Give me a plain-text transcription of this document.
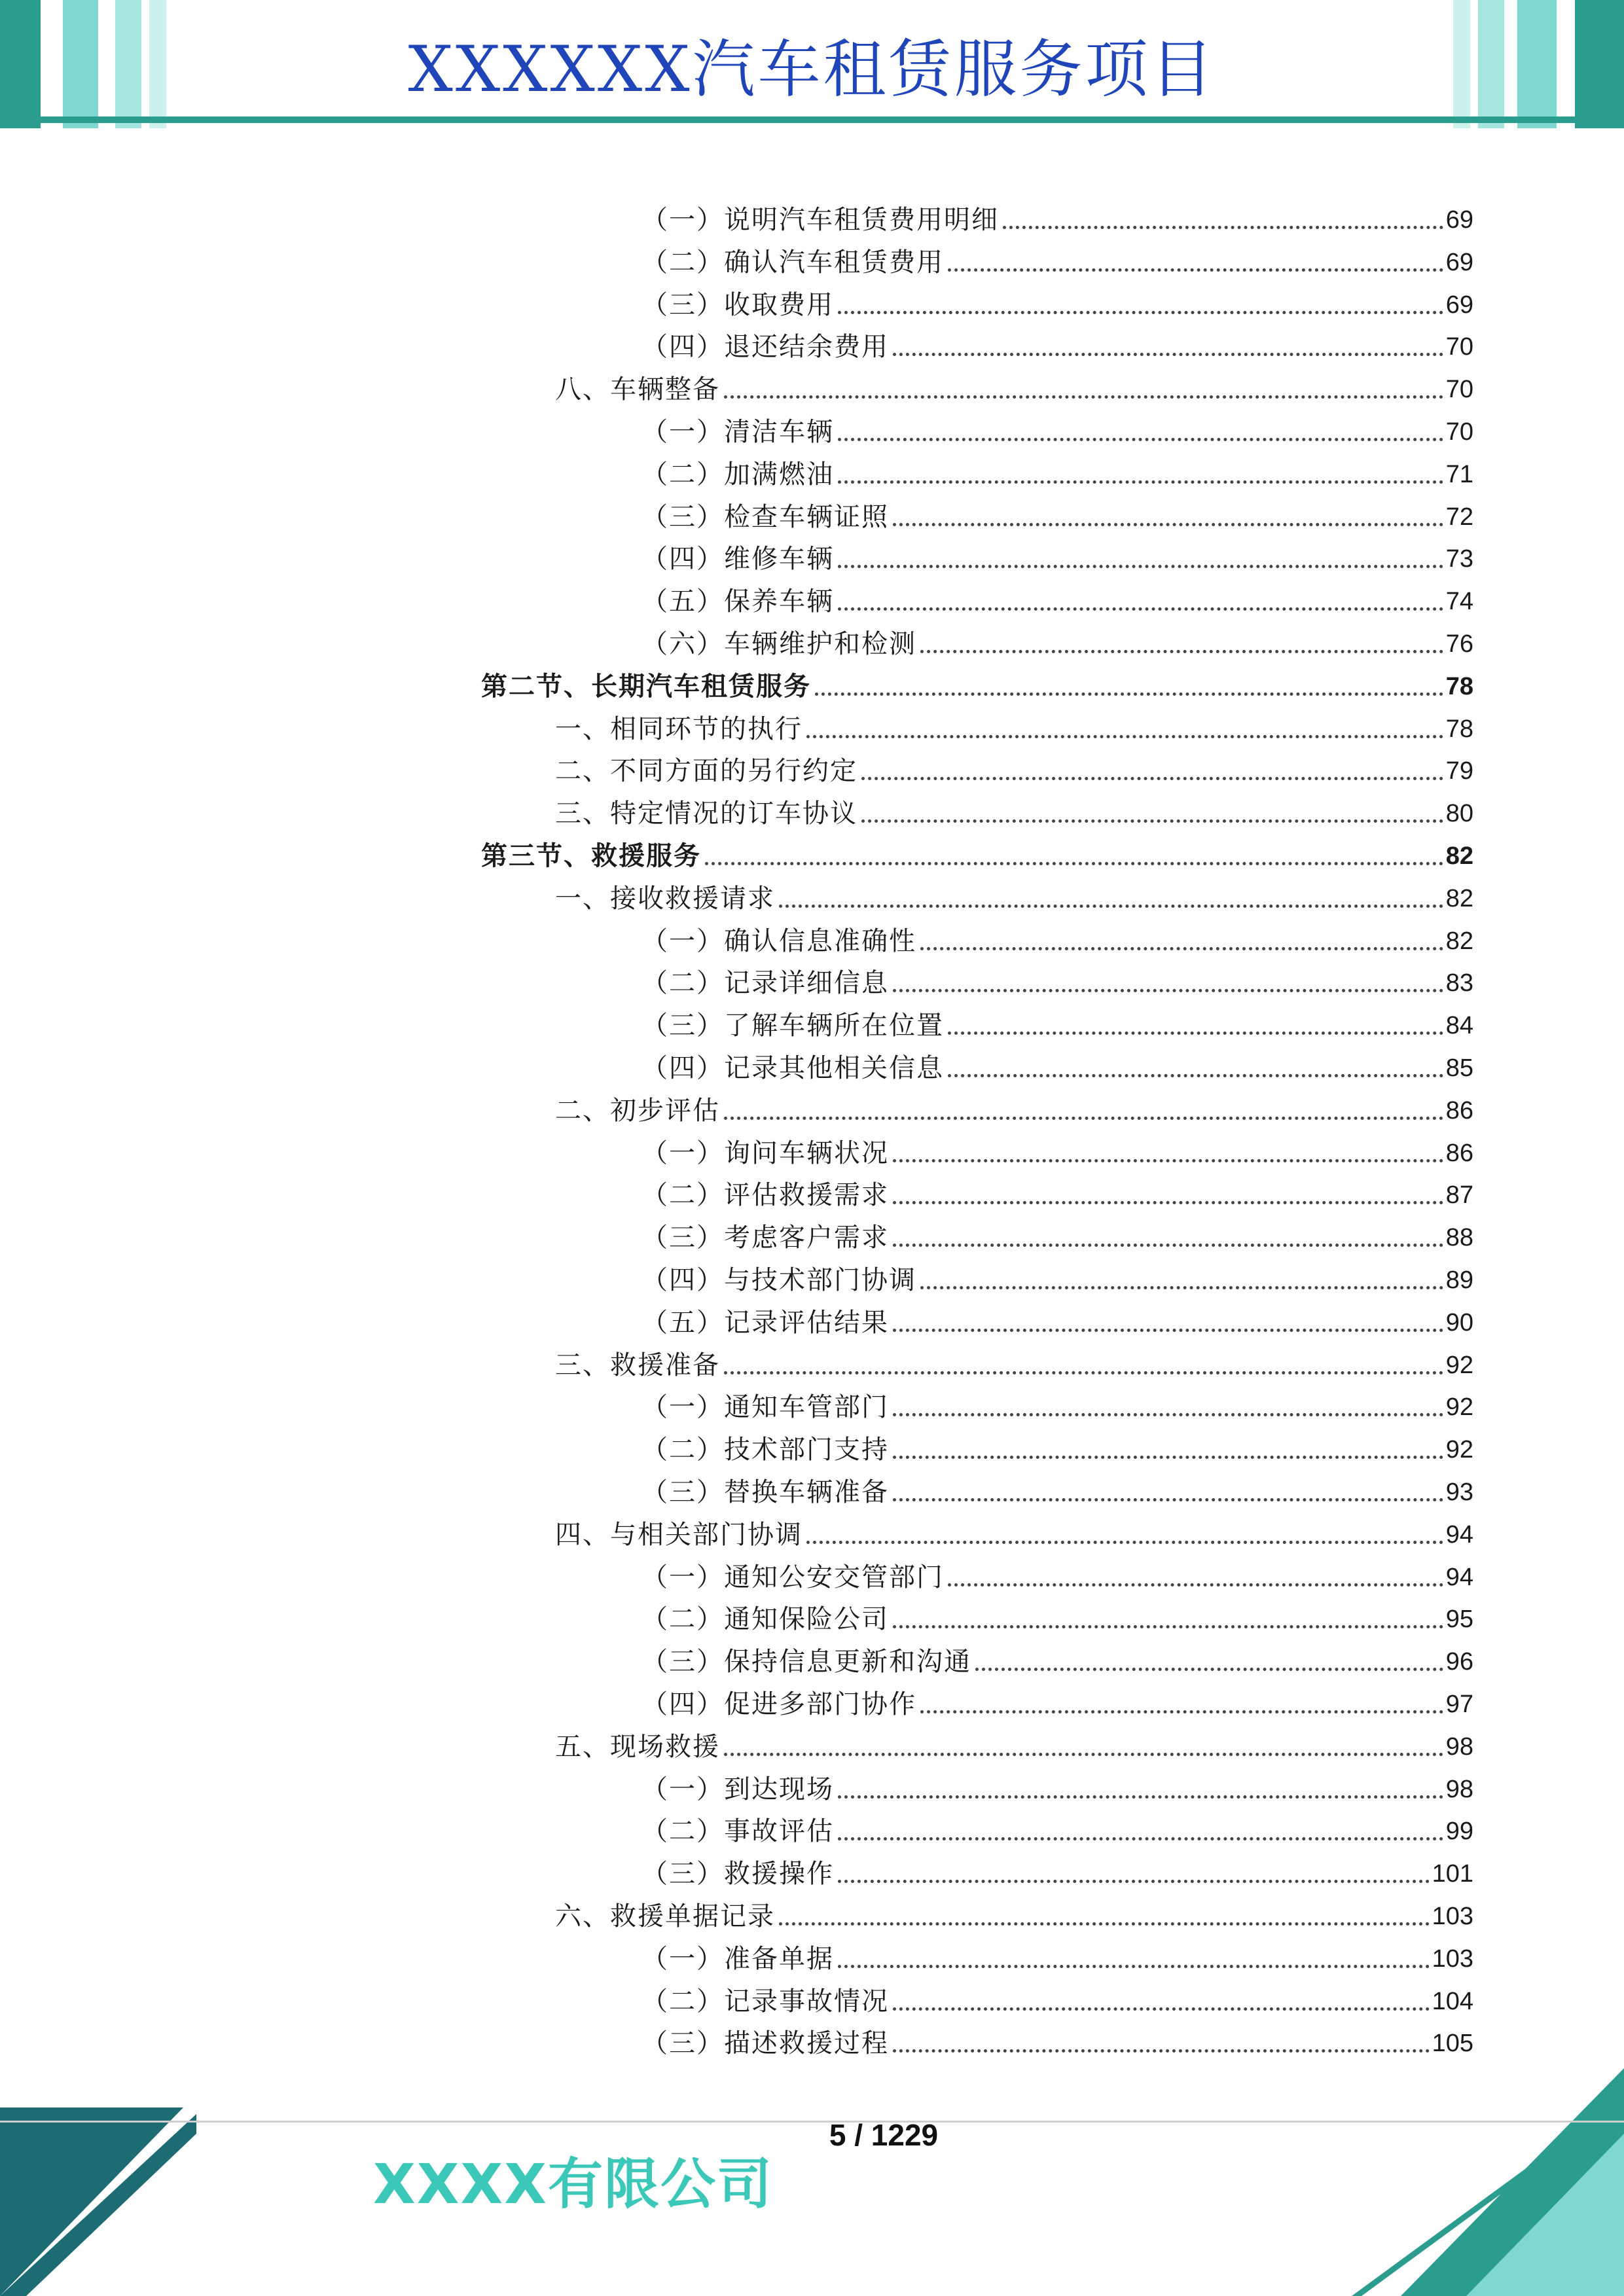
XXXXXX汽车租赁服务项目
（一）说明汽车租赁费用明细	69
（二）确认汽车租赁费用	69
（三）收取费用	69
（四）退还结余费用	70
八、车辆整备	70
（一）清洁车辆	70
（二）加满燃油	71
（三）检查车辆证照	72
（四）维修车辆	73
（五）保养车辆	74
（六）车辆维护和检测	76
第二节、长期汽车租赁服务	78
一、相同环节的执行	78
二、不同方面的另行约定	79
三、特定情况的订车协议	80
第三节、救援服务	82
一、接收救援请求	82
（一）确认信息准确性	82
（二）记录详细信息	83
（三）了解车辆所在位置	84
（四）记录其他相关信息	85
二、初步评估	86
（一）询问车辆状况	86
（二）评估救援需求	87
（三）考虑客户需求	88
（四）与技术部门协调	89
（五）记录评估结果	90
三、救援准备	92
（一）通知车管部门	92
（二）技术部门支持	92
（三）替换车辆准备	93
四、与相关部门协调	94
（一）通知公安交管部门	94
（二）通知保险公司	95
（三）保持信息更新和沟通	96
（四）促进多部门协作	97
五、现场救援	98
（一）到达现场	98
（二）事故评估	99
（三）救援操作	101
六、救援单据记录	103
（一）准备单据	103
（二）记录事故情况	104
（三）描述救援过程	105
5 / 1229
XXXX有限公司
